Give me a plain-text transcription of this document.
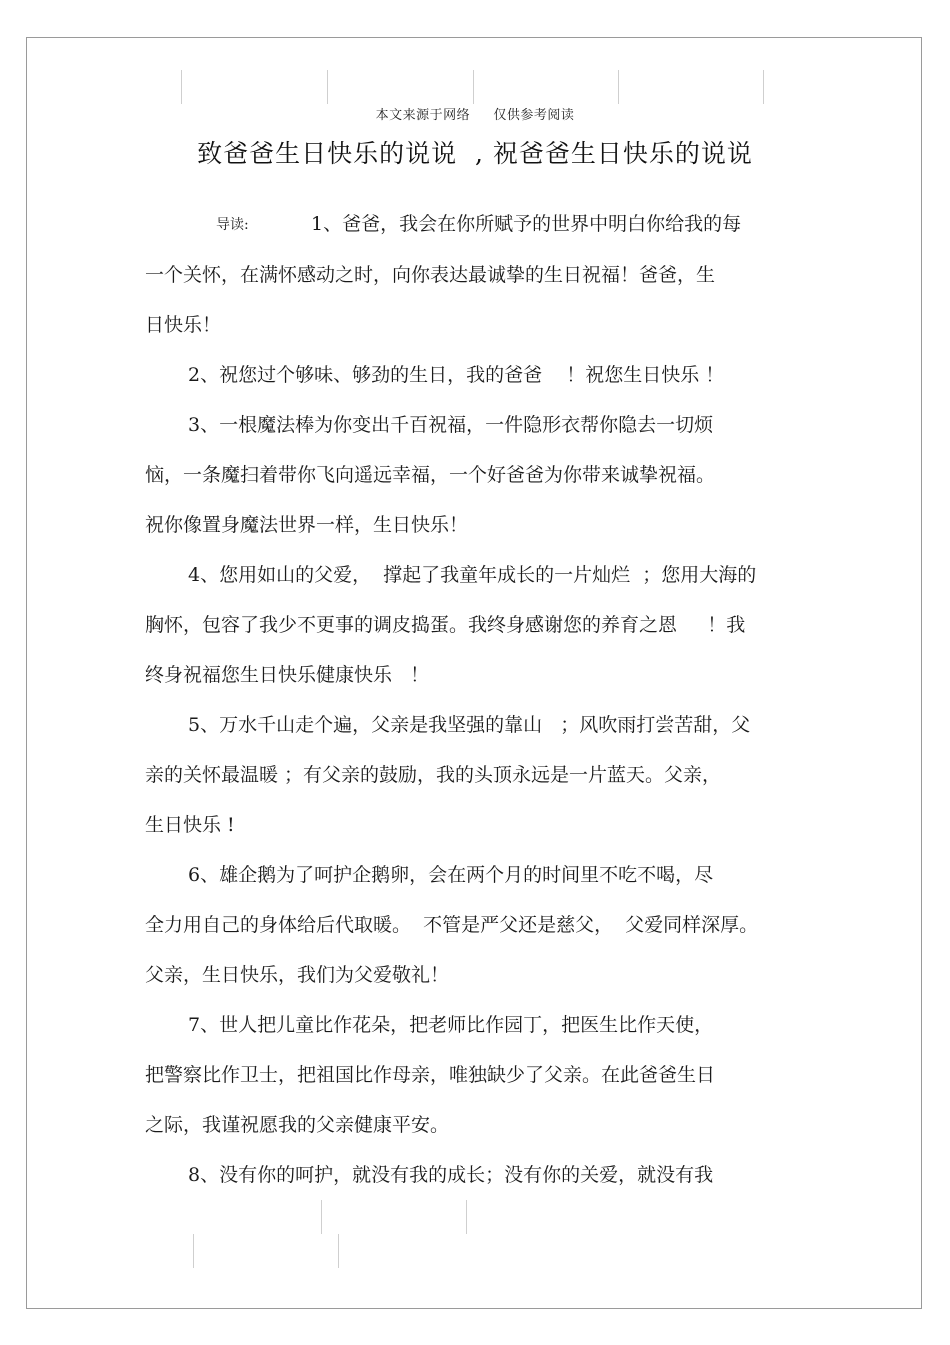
本文来源于网络     仅供参考阅读
致爸爸生日快乐的说说  , 祝爸爸生日快乐的说说
导读:	1、爸爸，我会在你所赋予的世界中明白你给我的每
一个关怀，在满怀感动之时，向你表达最诚挚的生日祝福！爸爸，生
日快乐！
2、祝您过个够味、够劲的生日，我的爸爸    ！祝您生日快乐 ！
3、一根魔法棒为你变出千百祝福，一件隐形衣帮你隐去一切烦
恼，一条魔扫着带你飞向遥远幸福，一个好爸爸为你带来诚挚祝福。
祝你像置身魔法世界一样，生日快乐！
4、您用如山的父爱，  撑起了我童年成长的一片灿烂  ；您用大海的
胸怀，包容了我少不更事的调皮捣蛋。我终身感谢您的养育之恩     ！我
终身祝福您生日快乐健康快乐   ！
5、万水千山走个遍，父亲是我坚强的靠山   ；风吹雨打尝苦甜，父
亲的关怀最温暖 ；有父亲的鼓励，我的头顶永远是一片蓝天。父亲，
生日快乐 !
6、雄企鹅为了呵护企鹅卵，会在两个月的时间里不吃不喝，尽
全力用自己的身体给后代取暖。  不管是严父还是慈父，  父爱同样深厚。
父亲，生日快乐，我们为父爱敬礼！
7、世人把儿童比作花朵，把老师比作园丁，把医生比作天使，
把警察比作卫士，把祖国比作母亲，唯独缺少了父亲。在此爸爸生日
之际，我谨祝愿我的父亲健康平安。
8、没有你的呵护，就没有我的成长；没有你的关爱，就没有我
